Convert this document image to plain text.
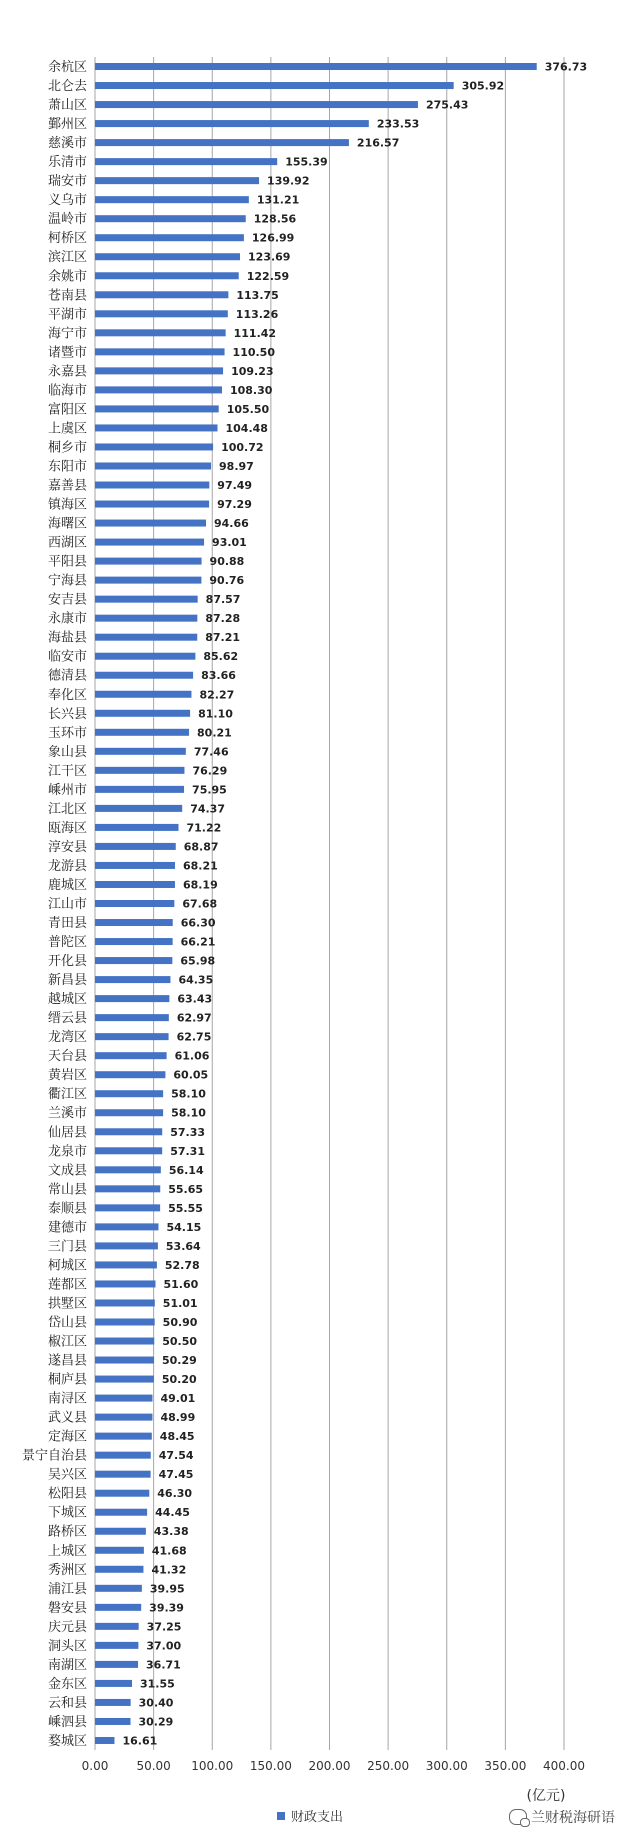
余杭区	376.73
北仑去	305.92
萧山区	275.43
鄞州区	233.53
慈溪市	216.57
乐清市	155.39
瑞安市	139.92
义乌市	131.21
温岭市	128.56
柯桥区	126.99
滨江区	123.69
余姚市	122.59
苍南县	113.75
平湖市	113.26
海宁市	111.42
诸暨市	110.50
永嘉县	109.23
临海市	108.30
富阳区	105.50
上虞区	104.48
桐乡市	100.72
东阳市	98.97
嘉善县	97.49
镇海区	97.29
海曙区	94.66
西湖区	93.01
平阳县	90.88
宁海县	90.76
安吉县	87.57
永康市	87.28
海盐县	87.21
临安市	85.62
德清县	83.66
奉化区	82.27
长兴县	81.10
玉环市	80.21
象山县	77.46
江干区	76.29
嵊州市	75.95
江北区	74.37
瓯海区	71.22
淳安县	68.87
龙游县	68.21
鹿城区	68.19
江山市	67.68
青田县	66.30
普陀区	66.21
开化县	65.98
新昌县	64.35
越城区	63.43
缙云县	62.97
龙湾区	62.75
天台县	61.06
黄岩区	60.05
衢江区	58.10
兰溪市	58.10
仙居县	57.33
龙泉市	57.31
文成县	56.14
常山县	55.65
泰顺县	55.55
建德市	54.15
三门县	53.64
柯城区	52.78
莲都区	51.60
拱墅区	51.01
岱山县	50.90
椒江区	50.50
遂昌县	50.29
桐庐县	50.20
南浔区	49.01
武义县	48.99
定海区	48.45
景宁自治县	47.54
吴兴区	47.45
松阳县	46.30
下城区	44.45
路桥区	43.38
上城区	41.68
秀洲区	41.32
浦江县	39.95
磐安县	39.39
庆元县	37.25
洞头区	37.00
南湖区	36.71
金东区	31.55
云和县	30.40
嵊泗县	30.29
婺城区	16.61
0.00 50.00 100.00 150.00 200.00 250.00 300.00 350.00 400.00
(亿元)
财政支出	兰财税海研语
